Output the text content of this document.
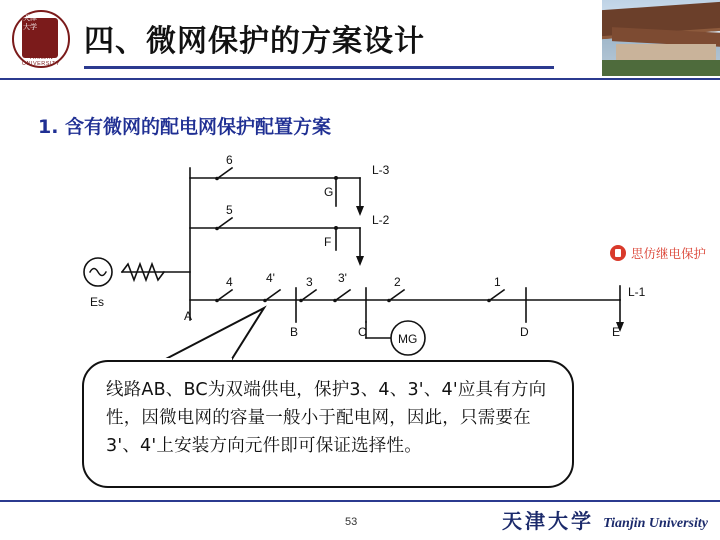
天津
大学
TIANJIN UNIVERSITY
四、微网保护的方案设计
1. 含有微网的配电网保护配置方案
Es
6
5
4	4'	3 3'	2	1
G
F
L-3
L-2
L-1
A
B	C	D	E
MG
线路AB、BC为双端供电，保护3、4、3'、4'应具有方向性，因微电网的容量一般小于配电网，因此，只需要在3'、4'上安装方向元件即可保证选择性。
思仿继电保护
53	天津大学 Tianjin University
